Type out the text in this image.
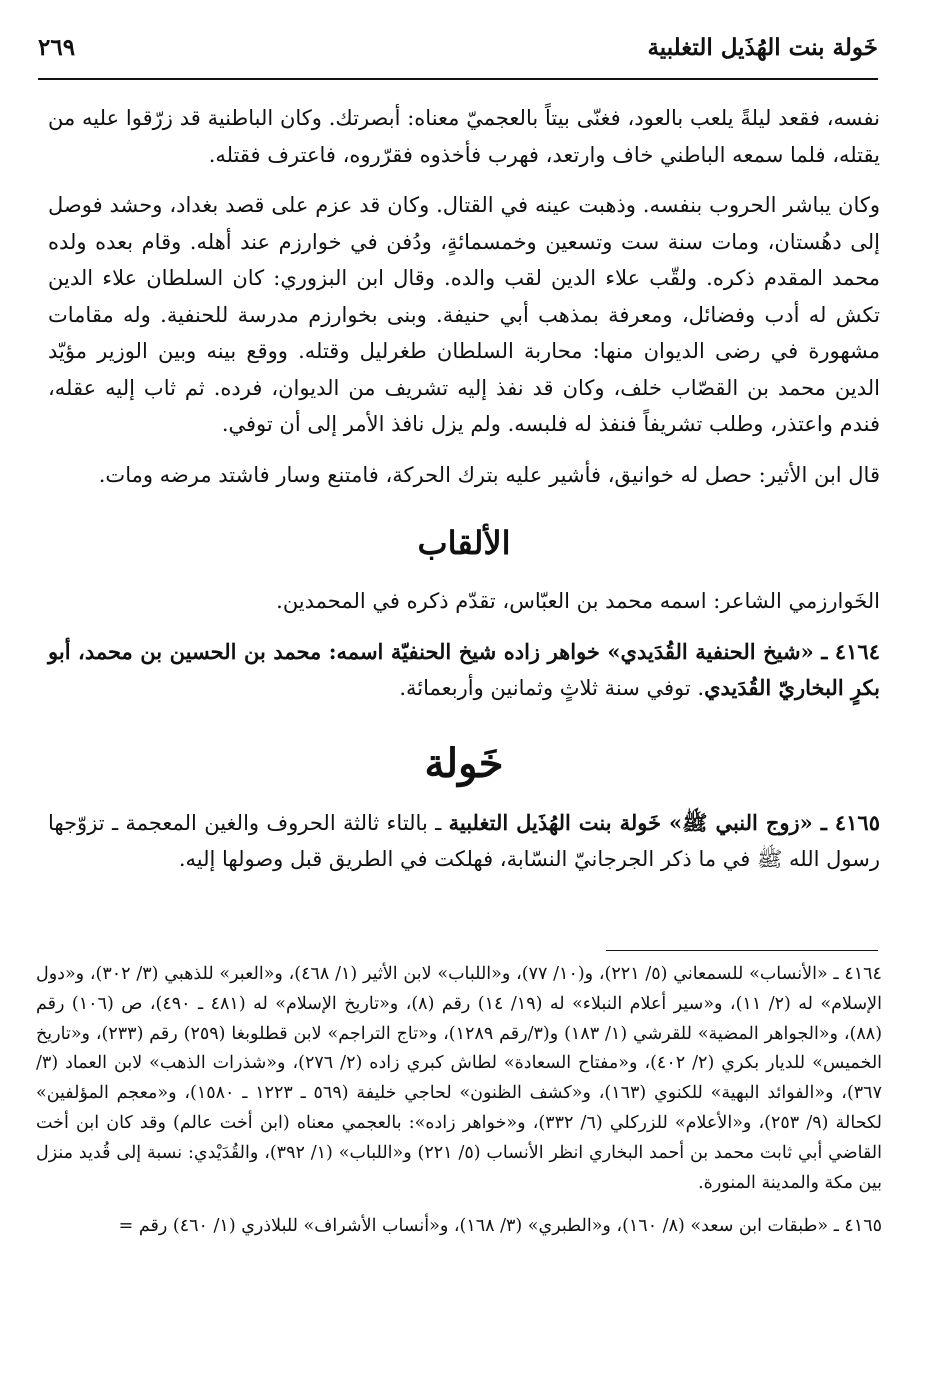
خَولة بنت الهُذَيل التغلبية
٢٦٩

نفسه، فقعد ليلةً يلعب بالعود، فغنّى بيتاً بالعجميّ معناه: أبصرتك. وكان الباطنية قد زرّقوا عليه من يقتله، فلما سمعه الباطني خاف وارتعد، فهرب فأخذوه فقرّروه، فاعترف فقتله.

وكان يباشر الحروب بنفسه. وذهبت عينه في القتال. وكان قد عزم على قصد بغداد، وحشد فوصل إلى دهُستان، ومات سنة ست وتسعين وخمسمائةٍ، ودُفن في خوارزم عند أهله. وقام بعده ولده محمد المقدم ذكره. ولقّب علاء الدين لقب والده. وقال ابن البزوري: كان السلطان علاء الدين تكش له أدب وفضائل، ومعرفة بمذهب أبي حنيفة. وبنى بخوارزم مدرسة للحنفية. وله مقامات مشهورة في رضى الديوان منها: محاربة السلطان طغرليل وقتله. ووقع بينه وبين الوزير مؤيّد الدين محمد بن القصّاب خلف، وكان قد نفذ إليه تشريف من الديوان، فرده. ثم ثاب إليه عقله، فندم واعتذر، وطلب تشريفاً فنفذ له فلبسه. ولم يزل نافذ الأمر إلى أن توفي.

قال ابن الأثير: حصل له خوانيق، فأشير عليه بترك الحركة، فامتنع وسار فاشتد مرضه ومات.

الألقاب

الخَوارزمي الشاعر: اسمه محمد بن العبّاس، تقدّم ذكره في المحمدين.

٤١٦٤ ـ «شيخ الحنفية القُدَيدي» خواهر زاده شيخ الحنفيّة اسمه: محمد بن الحسين بن محمد، أبو بكرٍ البخاريّ القُدَيدي. توفي سنة ثلاثٍ وثمانين وأربعمائة.

خَولة

٤١٦٥ ـ «زوج النبي ﷺ» خَولة بنت الهُذَيل التغلبية ـ بالتاء ثالثة الحروف والغين المعجمة ـ تزوّجها رسول الله ﷺ في ما ذكر الجرجانيّ النسّابة، فهلكت في الطريق قبل وصولها إليه.

٤١٦٤ ـ «الأنساب» للسمعاني (٥/ ٢٢١)، و(١٠/ ٧٧)، و«اللباب» لابن الأثير (١/ ٤٦٨)، و«العبر» للذهبي (٣/ ٣٠٢)، و«دول الإسلام» له (٢/ ١١)، و«سير أعلام النبلاء» له (١٩/ ١٤) رقم (٨)، و«تاريخ الإسلام» له (٤٨١ ـ ٤٩٠)، ص (١٠٦) رقم (٨٨)، و«الجواهر المضية» للقرشي (١/ ١٨٣) و(٣/رقم ١٢٨٩)، و«تاج التراجم» لابن قطلوبغا (٢٥٩) رقم (٢٣٣)، و«تاريخ الخميس» للديار بكري (٢/ ٤٠٢)، و«مفتاح السعادة» لطاش كبري زاده (٢/ ٢٧٦)، و«شذرات الذهب» لابن العماد (٣/ ٣٦٧)، و«الفوائد البهية» للكنوي (١٦٣)، و«كشف الظنون» لحاجي خليفة (٥٦٩ ـ ١٢٢٣ ـ ١٥٨٠)، و«معجم المؤلفين» لكحالة (٩/ ٢٥٣)، و«الأعلام» للزركلي (٦/ ٣٣٢)، و«خواهر زاده»: بالعجمي معناه (ابن أخت عالم) وقد كان ابن أخت القاضي أبي ثابت محمد بن أحمد البخاري انظر الأنساب (٥/ ٢٢١) و«اللباب» (١/ ٣٩٢)، والقُدَيْدي: نسبة إلى قُديد منزل بين مكة والمدينة المنورة.

٤١٦٥ ـ «طبقات ابن سعد» (٨/ ١٦٠)، و«الطبري» (٣/ ١٦٨)، و«أنساب الأشراف» للبلاذري (١/ ٤٦٠) رقم =
